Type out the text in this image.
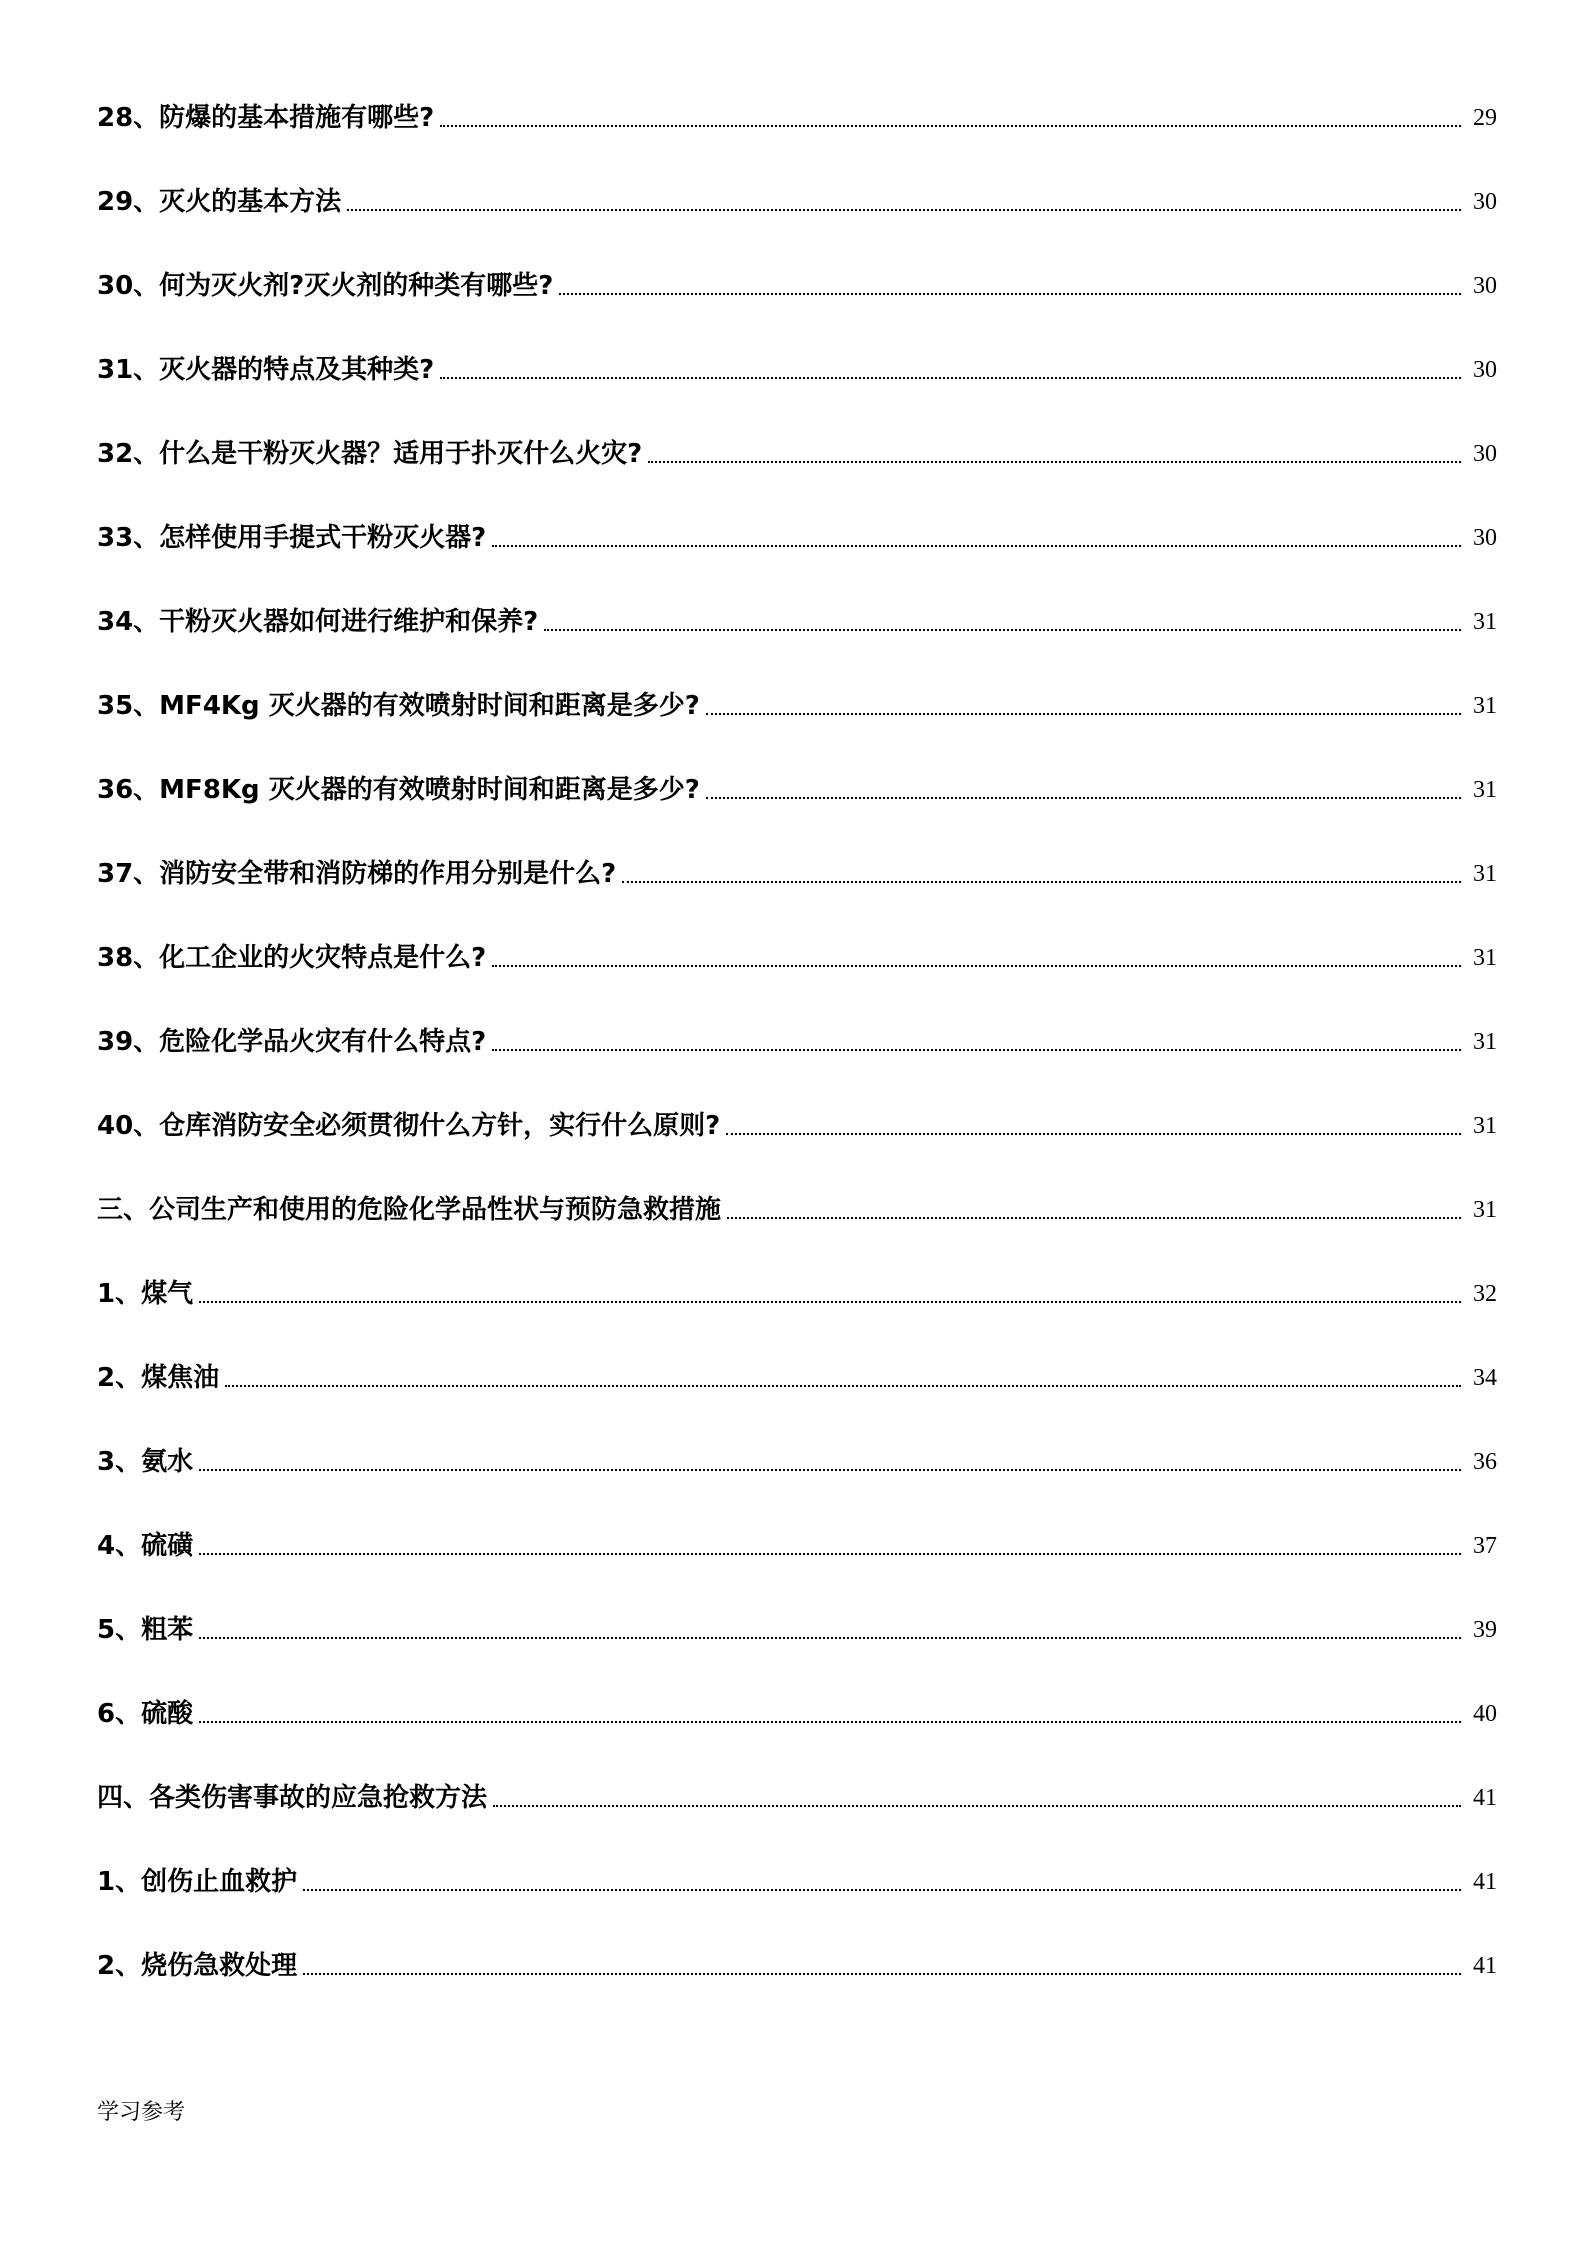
28、防爆的基本措施有哪些?	29
29、灭火的基本方法	30
30、何为灭火剂?灭火剂的种类有哪些?	30
31、灭火器的特点及其种类?	30
32、什么是干粉灭火器？适用于扑灭什么火灾?	30
33、怎样使用手提式干粉灭火器?	30
34、干粉灭火器如何进行维护和保养?	31
35、MF4Kg 灭火器的有效喷射时间和距离是多少?	31
36、MF8Kg 灭火器的有效喷射时间和距离是多少?	31
37、消防安全带和消防梯的作用分别是什么?	31
38、化工企业的火灾特点是什么?	31
39、危险化学品火灾有什么特点?	31
40、仓库消防安全必须贯彻什么方针，实行什么原则?	31
三、公司生产和使用的危险化学品性状与预防急救措施	31
1、煤气	32
2、煤焦油	34
3、氨水	36
4、硫磺	37
5、粗苯	39
6、硫酸	40
四、各类伤害事故的应急抢救方法	41
1、创伤止血救护	41
2、烧伤急救处理	41
学习参考
